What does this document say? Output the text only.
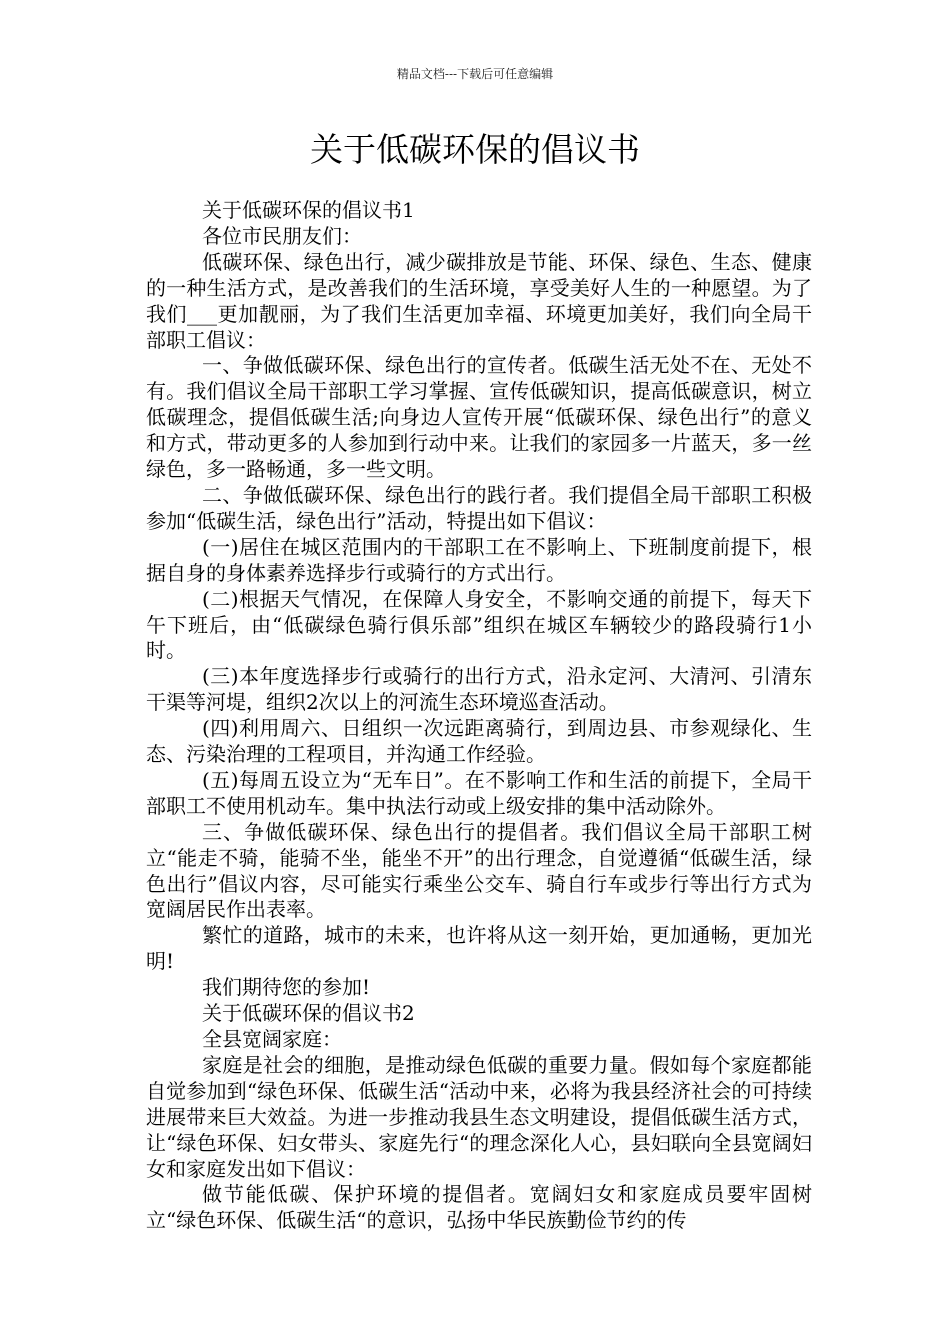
精品文档---下载后可任意编辑
关于低碳环保的倡议书

关于低碳环保的倡议书1

各位市民朋友们：

低碳环保、绿色出行，减少碳排放是节能、环保、绿色、生态、健康的一种生活方式，是改善我们的生活环境，享受美好人生的一种愿望。为了我们___更加靓丽，为了我们生活更加幸福、环境更加美好，我们向全局干部职工倡议：

一、争做低碳环保、绿色出行的宣传者。低碳生活无处不在、无处不有。我们倡议全局干部职工学习掌握、宣传低碳知识，提高低碳意识，树立低碳理念，提倡低碳生活;向身边人宣传开展“低碳环保、绿色出行”的意义和方式，带动更多的人参加到行动中来。让我们的家园多一片蓝天，多一丝绿色，多一路畅通，多一些文明。

二、争做低碳环保、绿色出行的践行者。我们提倡全局干部职工积极参加“低碳生活，绿色出行”活动，特提出如下倡议：

(一)居住在城区范围内的干部职工在不影响上、下班制度前提下，根据自身的身体素养选择步行或骑行的方式出行。

(二)根据天气情况，在保障人身安全，不影响交通的前提下，每天下午下班后，由“低碳绿色骑行俱乐部”组织在城区车辆较少的路段骑行1小时。

(三)本年度选择步行或骑行的出行方式，沿永定河、大清河、引清东干渠等河堤，组织2次以上的河流生态环境巡查活动。

(四)利用周六、日组织一次远距离骑行，到周边县、市参观绿化、生态、污染治理的工程项目，并沟通工作经验。

(五)每周五设立为“无车日”。在不影响工作和生活的前提下，全局干部职工不使用机动车。集中执法行动或上级安排的集中活动除外。

三、争做低碳环保、绿色出行的提倡者。我们倡议全局干部职工树立“能走不骑，能骑不坐，能坐不开”的出行理念，自觉遵循“低碳生活，绿色出行”倡议内容，尽可能实行乘坐公交车、骑自行车或步行等出行方式为宽阔居民作出表率。

繁忙的道路，城市的未来，也许将从这一刻开始，更加通畅，更加光明!

我们期待您的参加!

关于低碳环保的倡议书2

全县宽阔家庭：

家庭是社会的细胞，是推动绿色低碳的重要力量。假如每个家庭都能自觉参加到“绿色环保、低碳生活“活动中来，必将为我县经济社会的可持续进展带来巨大效益。为进一步推动我县生态文明建设，提倡低碳生活方式，让“绿色环保、妇女带头、家庭先行“的理念深化人心，县妇联向全县宽阔妇女和家庭发出如下倡议：

做节能低碳、保护环境的提倡者。宽阔妇女和家庭成员要牢固树立“绿色环保、低碳生活“的意识，弘扬中华民族勤俭节约的传
